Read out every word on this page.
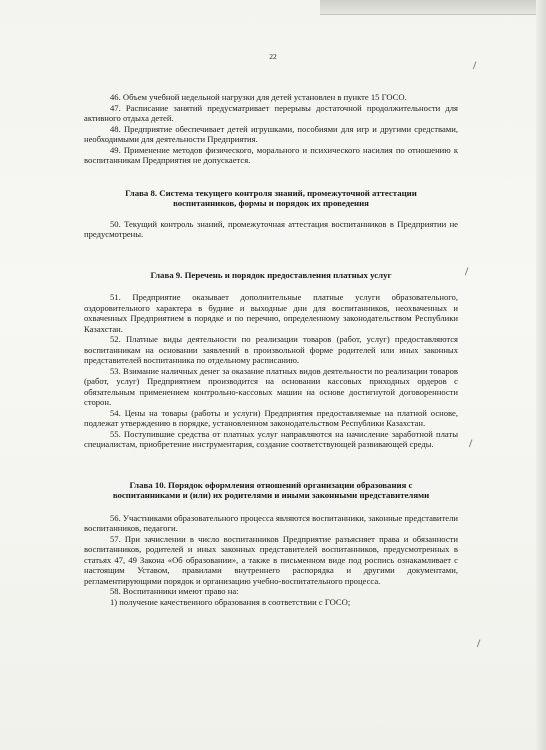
22

46. Объем учебной недельной нагрузки для детей установлен в пункте 15 ГОСО.

47. Расписание занятий предусматривает перерывы достаточной продолжительности для активного отдыха детей.

48. Предприятие обеспечивает детей игрушками, пособиями для игр и другими средствами, необходимыми для деятельности Предприятия.

49. Применение методов физического, морального и психического насилия по отношению к воспитанникам Предприятия не допускается.

Глава 8. Система текущего контроля знаний, промежуточной аттестации
воспитанников, формы и порядок их проведения

50. Текущий контроль знаний, промежуточная аттестация воспитанников в Предприятии не предусмотрены.

Глава 9. Перечень и порядок предоставления платных услуг

51. Предприятие оказывает дополнительные платные услуги образовательного, оздоровительного характера в будние и выходные дни для воспитанников, неохваченных и охваченных Предприятием в порядке и по перечню, определенному законодательством Республики Казахстан.

52. Платные виды деятельности по реализации товаров (работ, услуг) предоставляются воспитанникам на основании заявлений в произвольной форме родителей или иных законных представителей воспитанника по отдельному расписанию.

53. Взимание наличных денег за оказание платных видов деятельности по реализации товаров (работ, услуг) Предприятием производится на основании кассовых приходных ордеров с обязательным применением контрольно-кассовых машин на основе достигнутой договоренности сторон.

54. Цены на товары (работы и услуги) Предприятия предоставляемые на платной основе, подлежат утверждению в порядке, установленном законодательством Республики Казахстан.

55. Поступившие средства от платных услуг направляются на начисление заработной платы специалистам, приобретение инструментария, создание соответствующей развивающей среды.

Глава 10. Порядок оформления отношений организации образования с
воспитанниками и (или) их родителями и иными законными представителями

56. Участниками образовательного процесса являются воспитанники, законные представители воспитанников, педагоги.

57. При зачислении в число воспитанников Предприятие разъясняет права и обязанности воспитанников, родителей и иных законных представителей воспитанников, предусмотренных в статьях 47, 49 Закона «Об образовании», а также в письменном виде под роспись ознакамливает с настоящим Уставом, правилами внутреннего распорядка и другими документами, регламентирующими порядок и организацию учебно-воспитательного процесса.

58. Воспитанники имеют право на:

1) получение качественного образования в соответствии с ГОСО;
